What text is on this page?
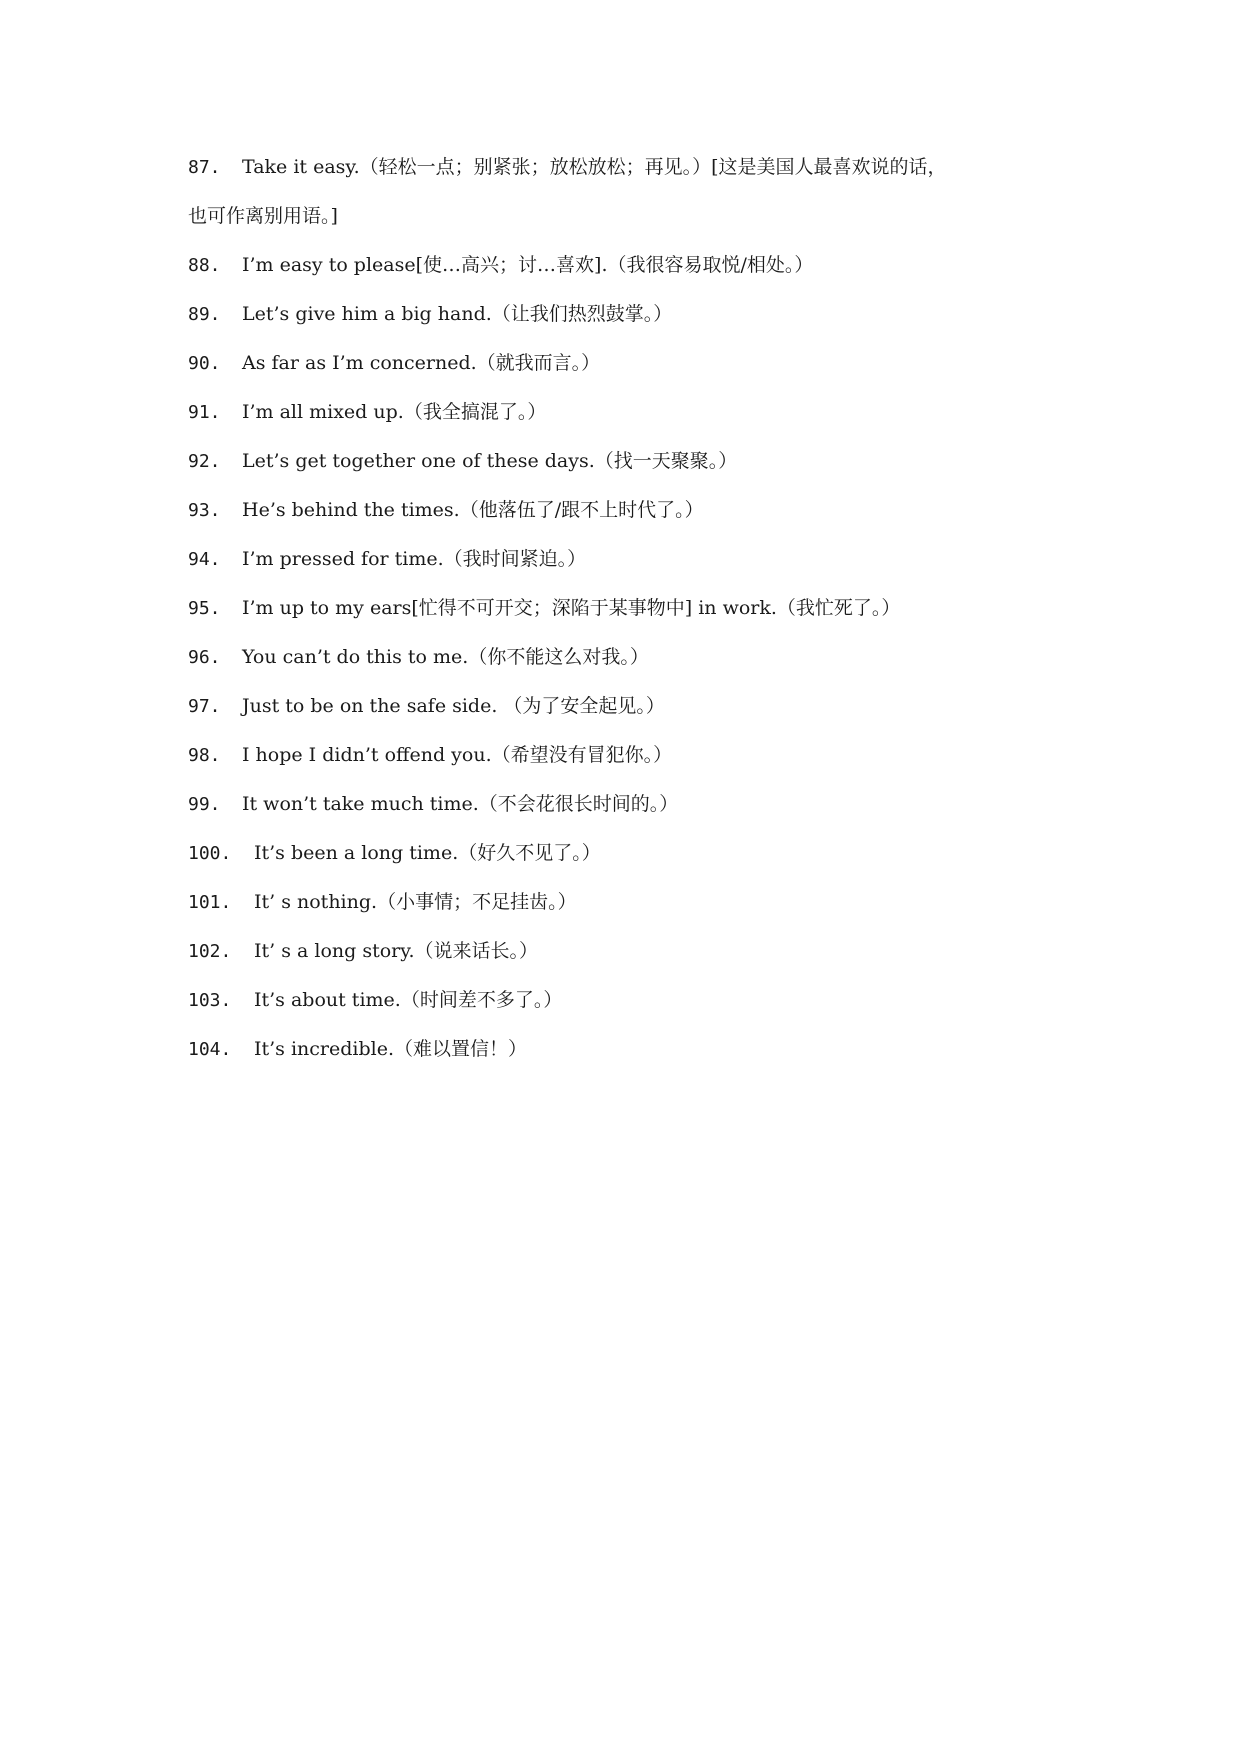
87. Take it easy.（轻松一点；别紧张；放松放松；再见。）[这是美国人最喜欢说的话，
也可作离别用语。]
88. I’m easy to please[使…高兴；讨…喜欢].（我很容易取悦/相处。）
89. Let’s give him a big hand.（让我们热烈鼓掌。）
90. As far as I’m concerned.（就我而言。）
91. I’m all mixed up.（我全搞混了。）
92. Let’s get together one of these days.（找一天聚聚。）
93. He’s behind the times.（他落伍了/跟不上时代了。）
94. I’m pressed for time.（我时间紧迫。）
95. I’m up to my ears[忙得不可开交；深陷于某事物中] in work.（我忙死了。）
96. You can’t do this to me.（你不能这么对我。）
97. Just to be on the safe side. （为了安全起见。）
98. I hope I didn’t offend you.（希望没有冒犯你。）
99. It won’t take much time.（不会花很长时间的。）
100. It’s been a long time.（好久不见了。）
101. It’ s nothing.（小事情；不足挂齿。）
102. It’ s a long story.（说来话长。）
103. It’s about time.（时间差不多了。）
104. It’s incredible.（难以置信！）
